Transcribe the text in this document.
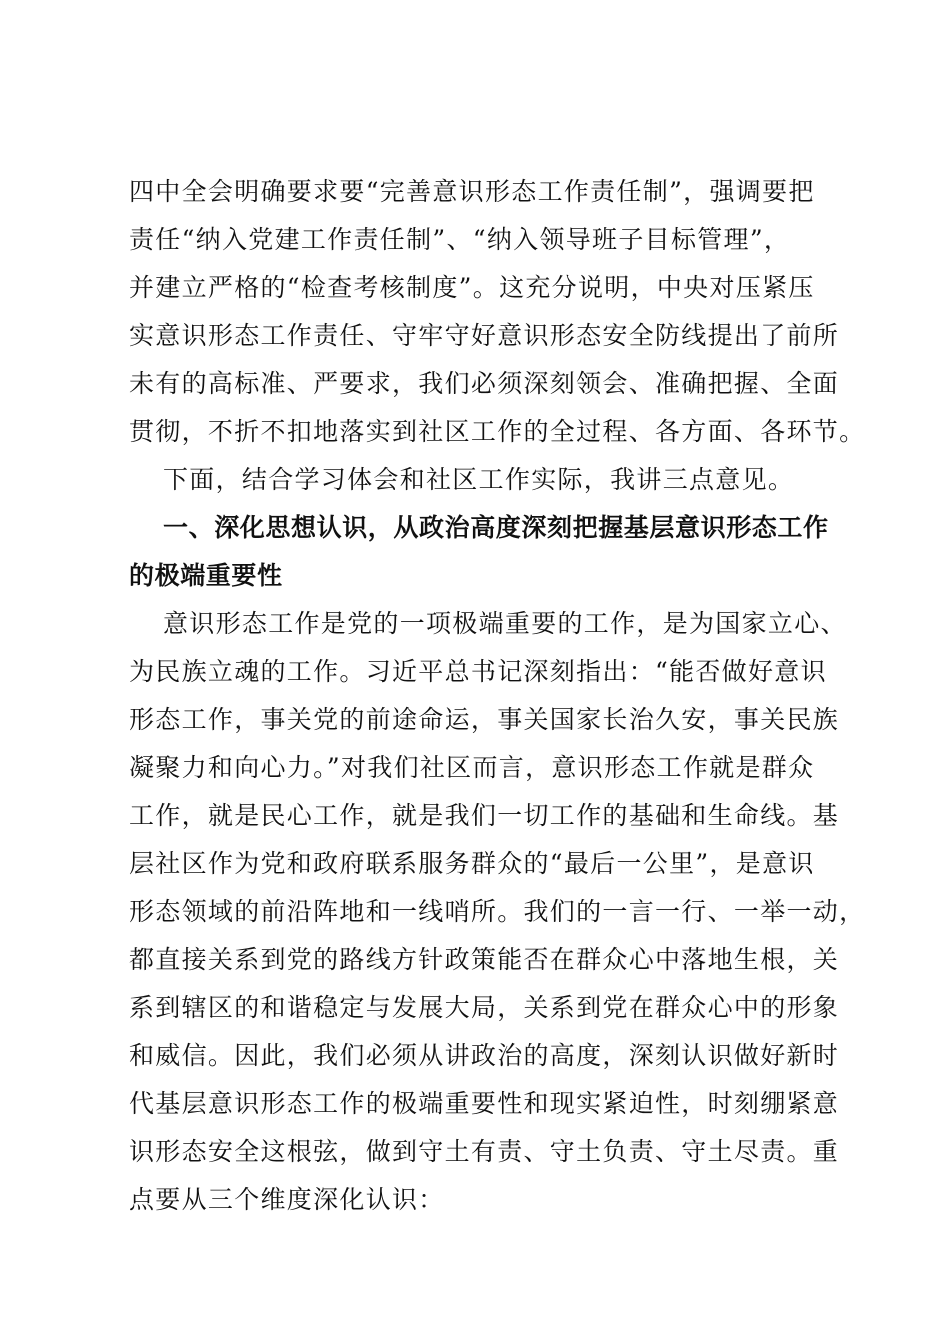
四中全会明确要求要“完善意识形态工作责任制”，强调要把
责任“纳入党建工作责任制”、“纳入领导班子目标管理”，
并建立严格的“检查考核制度”。这充分说明，中央对压紧压
实意识形态工作责任、守牢守好意识形态安全防线提出了前所
未有的高标准、严要求，我们必须深刻领会、准确把握、全面
贯彻，不折不扣地落实到社区工作的全过程、各方面、各环节。
下面，结合学习体会和社区工作实际，我讲三点意见。
一、深化思想认识，从政治高度深刻把握基层意识形态工作
的极端重要性
意识形态工作是党的一项极端重要的工作，是为国家立心、
为民族立魂的工作。习近平总书记深刻指出：“能否做好意识
形态工作，事关党的前途命运，事关国家长治久安，事关民族
凝聚力和向心力。”对我们社区而言，意识形态工作就是群众
工作，就是民心工作，就是我们一切工作的基础和生命线。基
层社区作为党和政府联系服务群众的“最后一公里”，是意识
形态领域的前沿阵地和一线哨所。我们的一言一行、一举一动，
都直接关系到党的路线方针政策能否在群众心中落地生根，关
系到辖区的和谐稳定与发展大局，关系到党在群众心中的形象
和威信。因此，我们必须从讲政治的高度，深刻认识做好新时
代基层意识形态工作的极端重要性和现实紧迫性，时刻绷紧意
识形态安全这根弦，做到守土有责、守土负责、守土尽责。重
点要从三个维度深化认识：
